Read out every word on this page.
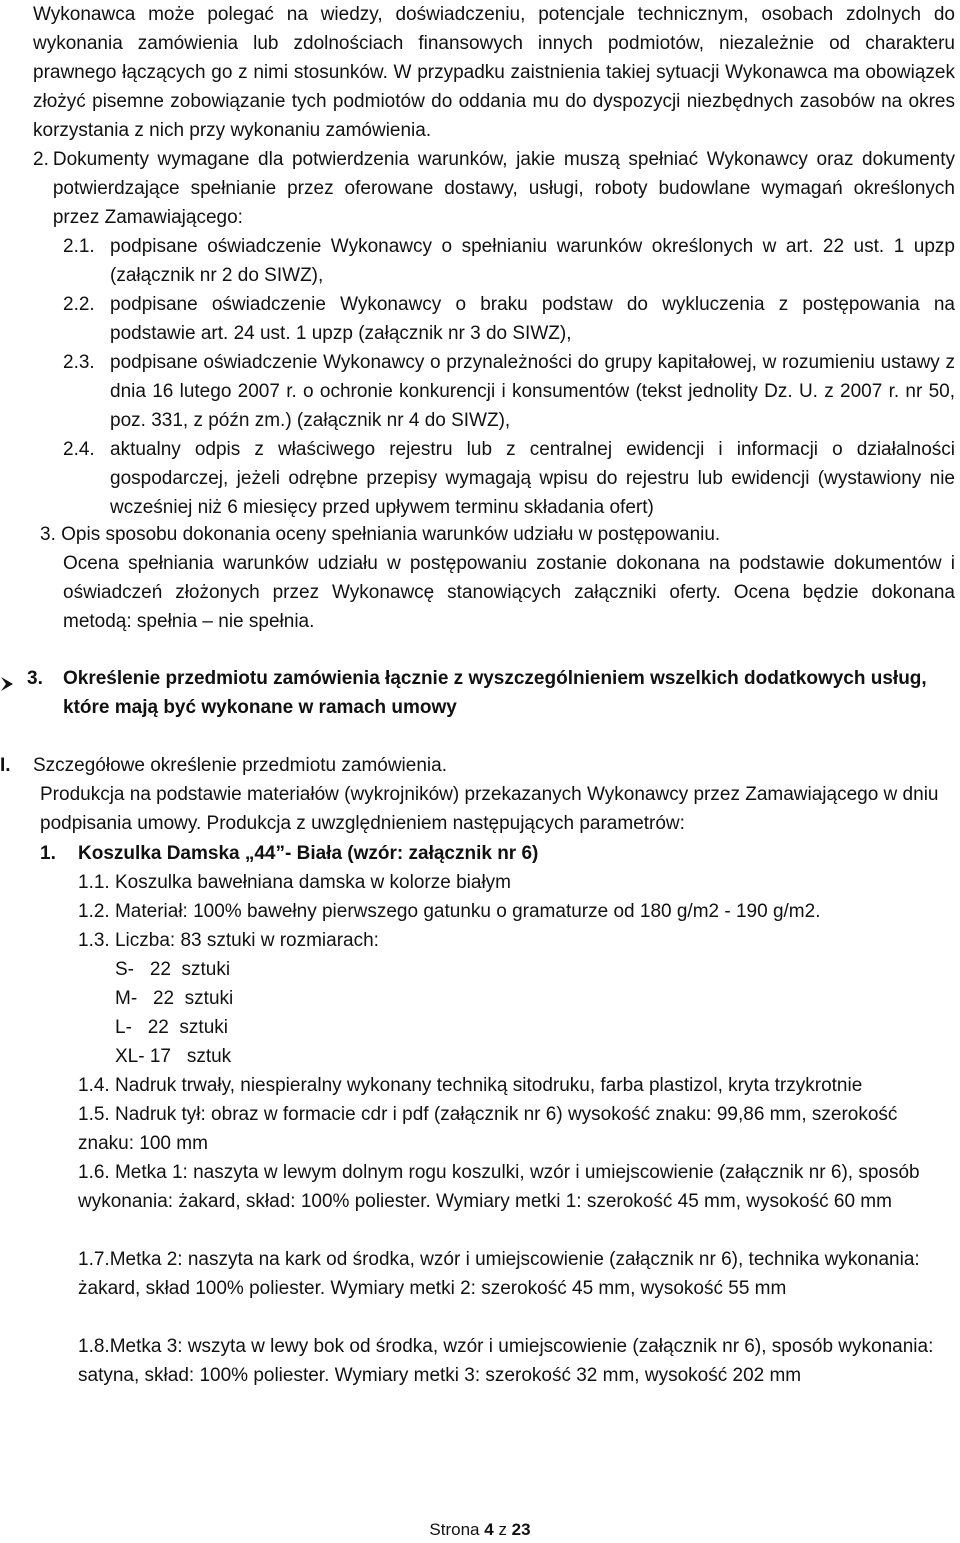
Wykonawca może polegać na wiedzy, doświadczeniu, potencjale technicznym, osobach zdolnych do wykonania zamówienia lub zdolnościach finansowych innych podmiotów, niezależnie od charakteru prawnego łączących go z nimi stosunków. W przypadku zaistnienia takiej sytuacji Wykonawca ma obowiązek złożyć pisemne zobowiązanie tych podmiotów do oddania mu do dyspozycji niezbędnych zasobów na okres korzystania z nich przy wykonaniu zamówienia.

2. Dokumenty wymagane dla potwierdzenia warunków, jakie muszą spełniać Wykonawcy oraz dokumenty potwierdzające spełnianie przez oferowane dostawy, usługi, roboty budowlane wymagań określonych przez Zamawiającego:
2.1. podpisane oświadczenie Wykonawcy o spełnianiu warunków określonych w art. 22 ust. 1 upzp (załącznik nr 2 do SIWZ),
2.2. podpisane oświadczenie Wykonawcy o braku podstaw do wykluczenia z postępowania na podstawie art. 24 ust. 1 upzp (załącznik nr 3 do SIWZ),
2.3. podpisane oświadczenie Wykonawcy o przynależności do grupy kapitałowej, w rozumieniu ustawy z dnia 16 lutego 2007 r. o ochronie konkurencji i konsumentów (tekst jednolity Dz. U. z 2007 r. nr 50, poz. 331, z późn zm.) (załącznik nr 4 do SIWZ),
2.4. aktualny odpis z właściwego rejestru lub z centralnej ewidencji i informacji o działalności gospodarczej, jeżeli odrębne przepisy wymagają wpisu do rejestru lub ewidencji (wystawiony nie wcześniej niż 6 miesięcy przed upływem terminu składania ofert)

3. Opis sposobu dokonania oceny spełniania warunków udziału w postępowaniu.

Ocena spełniania warunków udziału w postępowaniu zostanie dokonana na podstawie dokumentów i oświadczeń złożonych przez Wykonawcę stanowiących załączniki oferty. Ocena będzie dokonana metodą: spełnia – nie spełnia.

3. Określenie przedmiotu zamówienia łącznie z wyszczególnieniem wszelkich dodatkowych usług, które mają być wykonane w ramach umowy
I. Szczegółowe określenie przedmiotu zamówienia.

Produkcja na podstawie materiałów (wykrojników) przekazanych Wykonawcy przez Zamawiającego w dniu podpisania umowy. Produkcja z uwzględnieniem następujących parametrów:

1. Koszulka Damska „44”- Biała (wzór: załącznik nr 6)

1.1. Koszulka bawełniana damska w kolorze białym

1.2. Materiał: 100% bawełny pierwszego gatunku o gramaturze od 180 g/m2 - 190 g/m2.

1.3. Liczba: 83 sztuki w rozmiarach:

S-   22  sztuki

M-   22  sztuki

L-   22  sztuki

XL- 17   sztuk

1.4. Nadruk trwały, niespieralny wykonany techniką sitodruku, farba plastizol, kryta trzykrotnie

1.5. Nadruk tył: obraz w formacie cdr i pdf (załącznik nr 6) wysokość znaku: 99,86 mm, szerokość znaku: 100 mm

1.6. Metka 1: naszyta w lewym dolnym rogu koszulki, wzór i umiejscowienie (załącznik nr 6), sposób wykonania: żakard, skład: 100% poliester. Wymiary metki 1: szerokość 45 mm, wysokość 60 mm

1.7.Metka 2: naszyta na kark od środka, wzór i umiejscowienie (załącznik nr 6), technika wykonania: żakard, skład 100% poliester. Wymiary metki 2: szerokość 45 mm, wysokość 55 mm

1.8.Metka 3: wszyta w lewy bok od środka, wzór i umiejscowienie (załącznik nr 6), sposób wykonania: satyna, skład: 100% poliester. Wymiary metki 3: szerokość 32 mm, wysokość 202 mm

Strona 4 z 23
